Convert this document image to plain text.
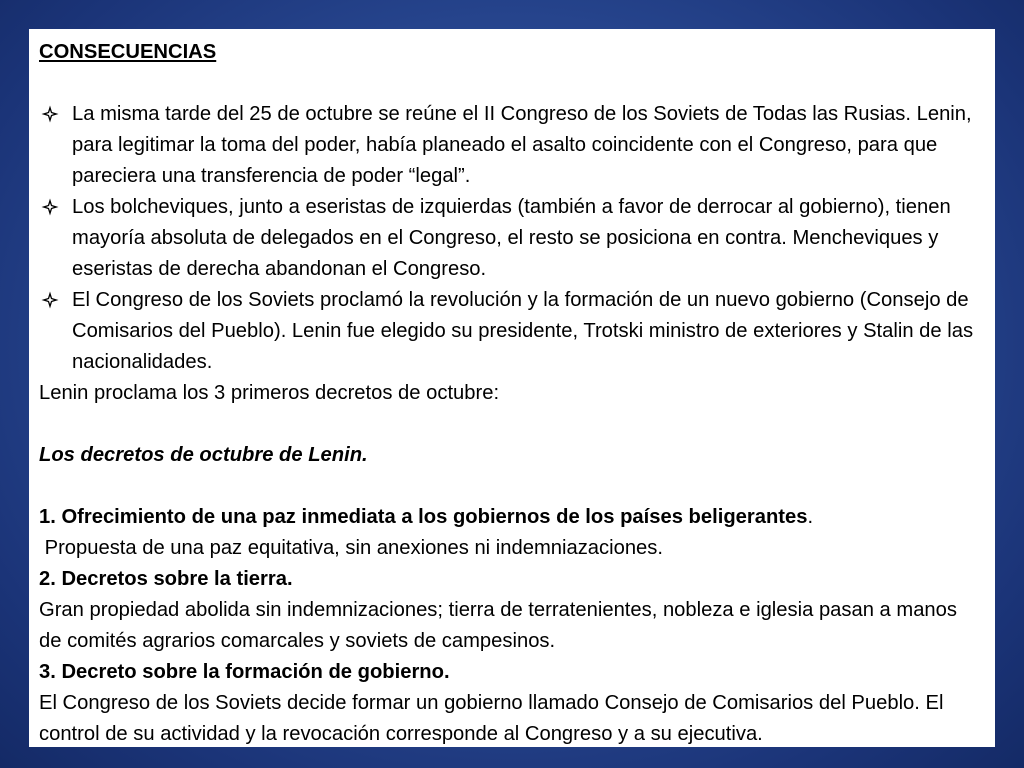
CONSECUENCIAS

La misma tarde del 25 de octubre se reúne el II Congreso de los Soviets de Todas las Rusias. Lenin, para legitimar la toma del poder, había planeado el asalto coincidente con el Congreso, para que pareciera una transferencia de poder “legal”.
Los bolcheviques, junto a eseristas de izquierdas (también a favor de derrocar al gobierno), tienen mayoría absoluta de delegados en el Congreso, el resto se posiciona en contra. Mencheviques y eseristas de derecha abandonan el Congreso.
El Congreso de los Soviets proclamó la revolución y la formación de un nuevo gobierno (Consejo de Comisarios del Pueblo). Lenin fue elegido su presidente, Trotski ministro de exteriores y Stalin de las nacionalidades.

Lenin proclama los 3 primeros decretos de octubre:

Los decretos de octubre de Lenin.

1. Ofrecimiento de una paz inmediata a los gobiernos de los países beligerantes.

Propuesta de una paz equitativa, sin anexiones ni indemniazaciones.

2. Decretos sobre la tierra.

Gran propiedad abolida sin indemnizaciones; tierra de terratenientes, nobleza e iglesia pasan a manos de comités agrarios comarcales y soviets de campesinos.

3. Decreto sobre la formación de gobierno.

El Congreso de los Soviets decide formar un gobierno llamado Consejo de Comisarios del Pueblo. El control de su actividad y la revocación corresponde al Congreso y a su ejecutiva.
